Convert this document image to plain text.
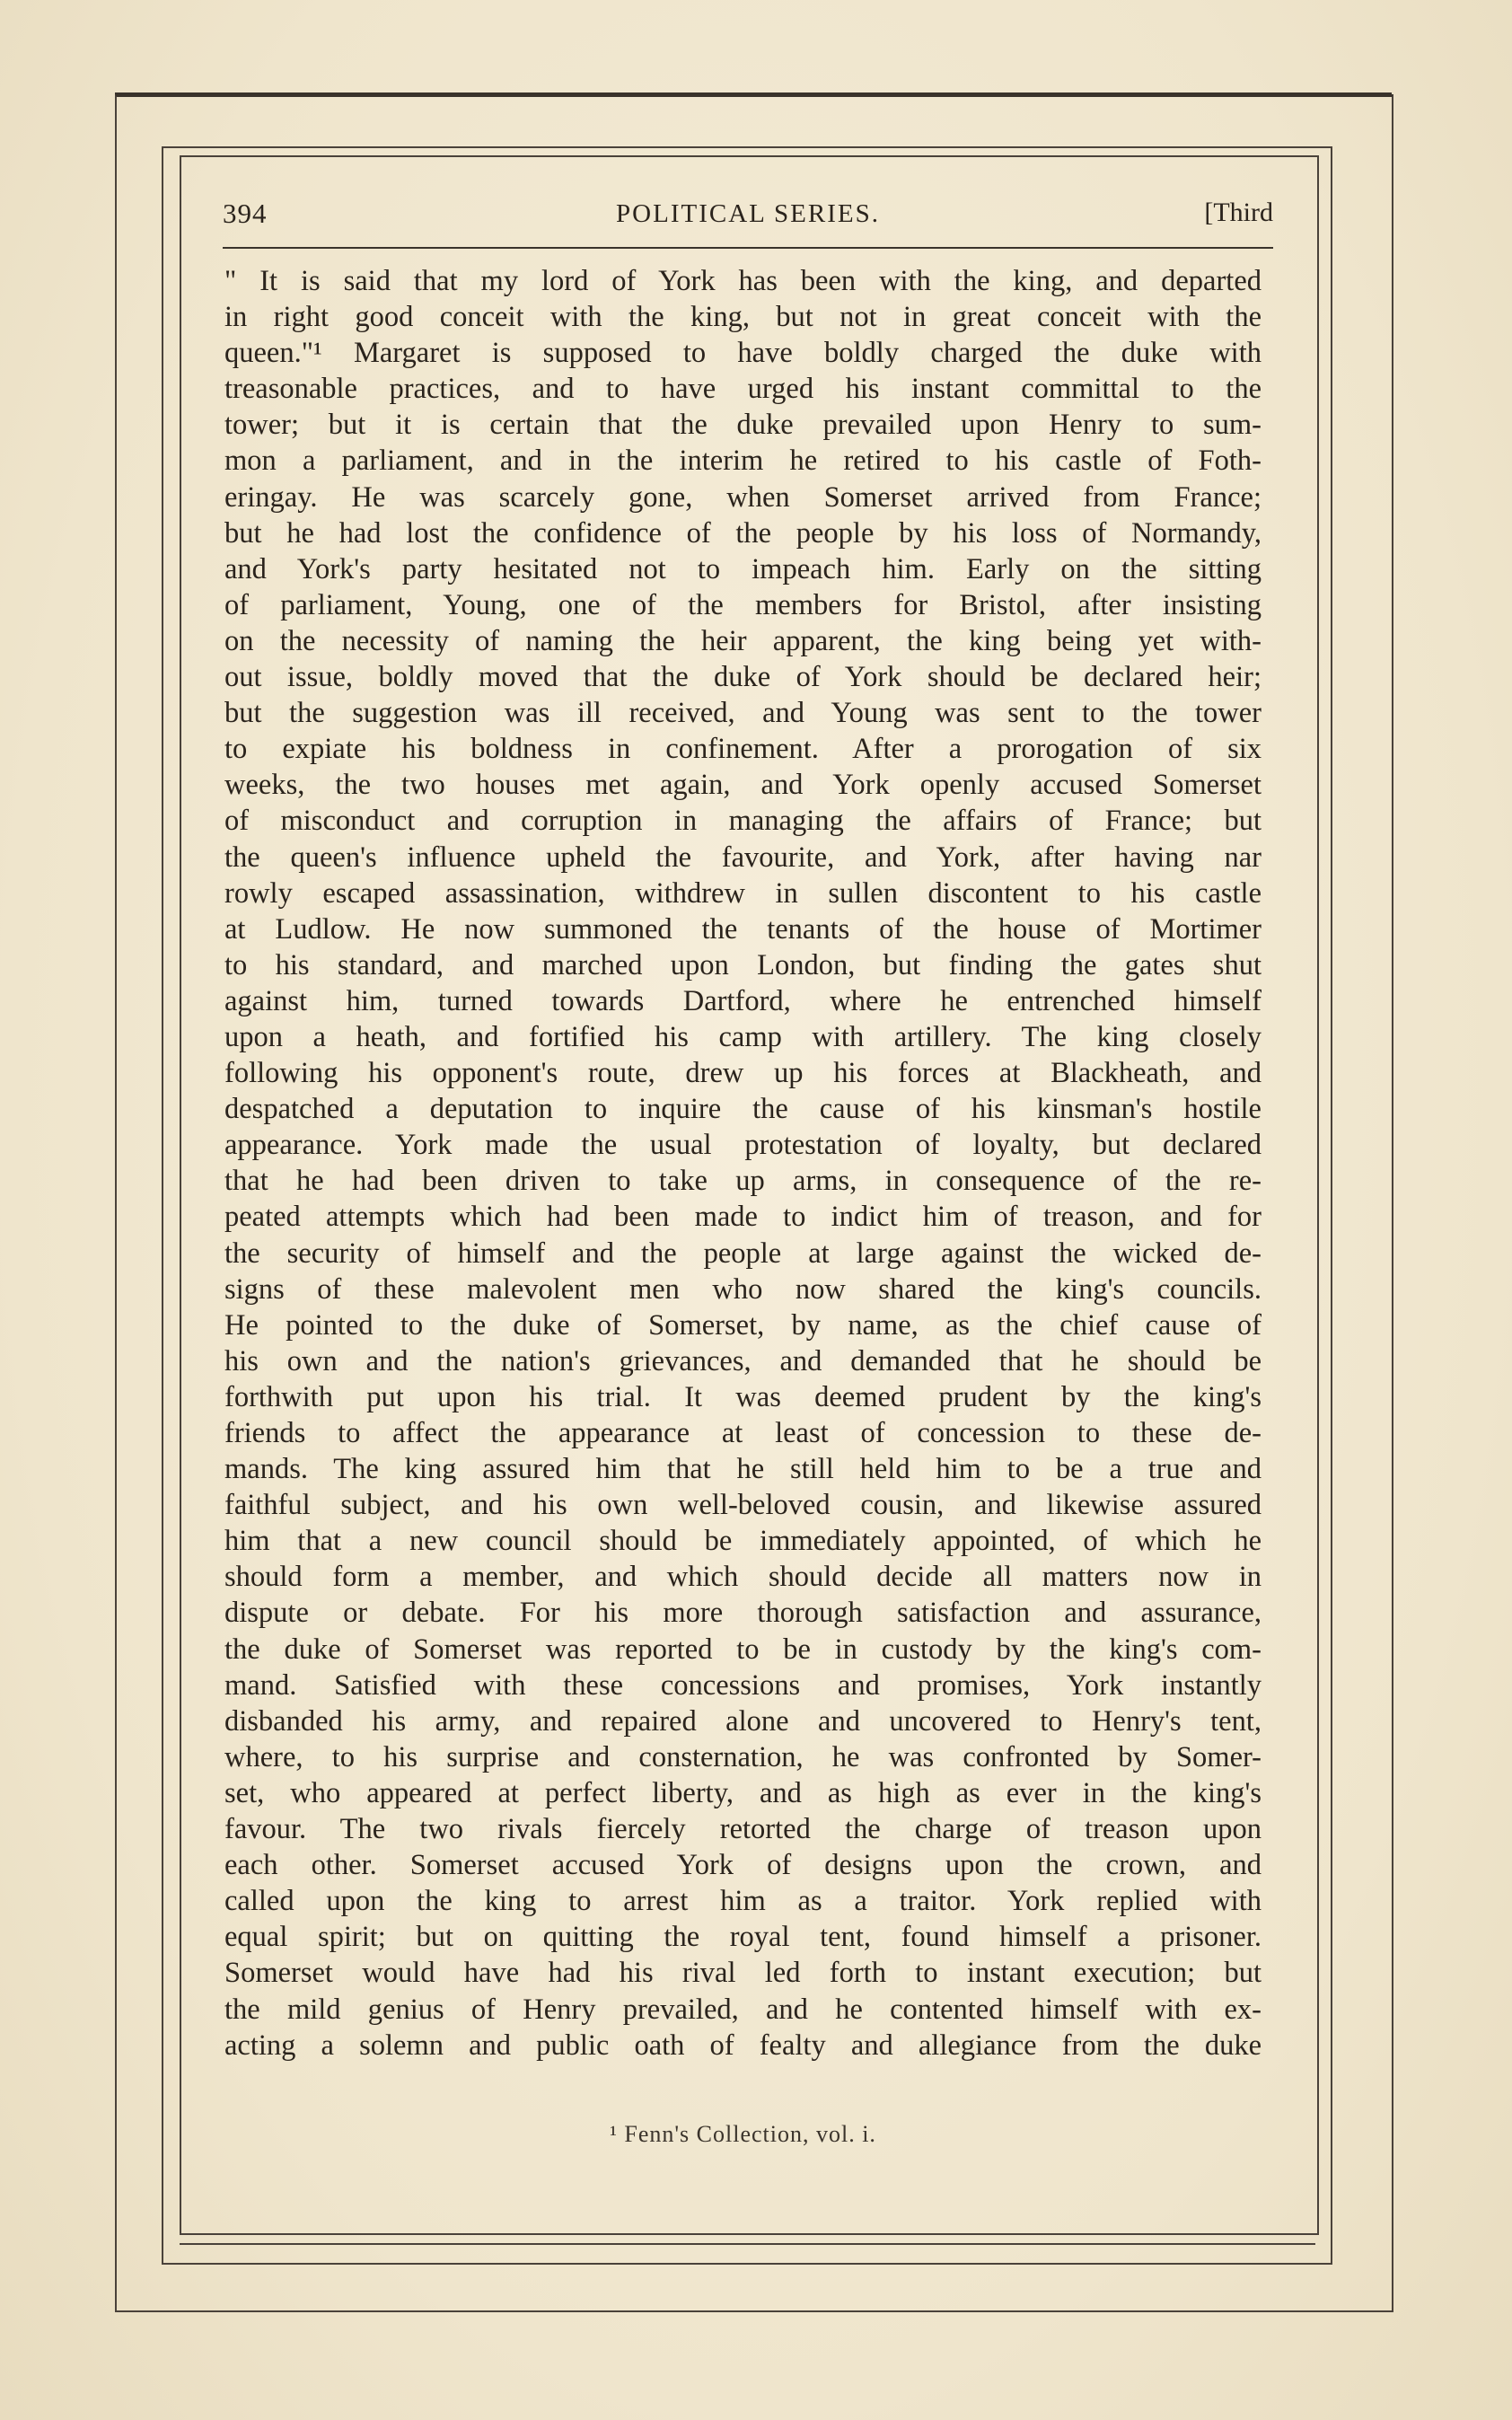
394	POLITICAL SERIES.	[Third
" It is said that my lord of York has been with the king, and departed
in right good conceit with the king, but not in great conceit with the
queen."¹ Margaret is supposed to have boldly charged the duke with
treasonable practices, and to have urged his instant committal to the
tower; but it is certain that the duke prevailed upon Henry to sum-
mon a parliament, and in the interim he retired to his castle of Foth-
eringay. He was scarcely gone, when Somerset arrived from France;
but he had lost the confidence of the people by his loss of Normandy,
and York's party hesitated not to impeach him. Early on the sitting
of parliament, Young, one of the members for Bristol, after insisting
on the necessity of naming the heir apparent, the king being yet with-
out issue, boldly moved that the duke of York should be declared heir;
but the suggestion was ill received, and Young was sent to the tower
to expiate his boldness in confinement. After a prorogation of six
weeks, the two houses met again, and York openly accused Somerset
of misconduct and corruption in managing the affairs of France; but
the queen's influence upheld the favourite, and York, after having nar
rowly escaped assassination, withdrew in sullen discontent to his castle
at Ludlow. He now summoned the tenants of the house of Mortimer
to his standard, and marched upon London, but finding the gates shut
against him, turned towards Dartford, where he entrenched himself
upon a heath, and fortified his camp with artillery. The king closely
following his opponent's route, drew up his forces at Blackheath, and
despatched a deputation to inquire the cause of his kinsman's hostile
appearance. York made the usual protestation of loyalty, but declared
that he had been driven to take up arms, in consequence of the re-
peated attempts which had been made to indict him of treason, and for
the security of himself and the people at large against the wicked de-
signs of these malevolent men who now shared the king's councils.
He pointed to the duke of Somerset, by name, as the chief cause of
his own and the nation's grievances, and demanded that he should be
forthwith put upon his trial. It was deemed prudent by the king's
friends to affect the appearance at least of concession to these de-
mands. The king assured him that he still held him to be a true and
faithful subject, and his own well-beloved cousin, and likewise assured
him that a new council should be immediately appointed, of which he
should form a member, and which should decide all matters now in
dispute or debate. For his more thorough satisfaction and assurance,
the duke of Somerset was reported to be in custody by the king's com-
mand. Satisfied with these concessions and promises, York instantly
disbanded his army, and repaired alone and uncovered to Henry's tent,
where, to his surprise and consternation, he was confronted by Somer-
set, who appeared at perfect liberty, and as high as ever in the king's
favour. The two rivals fiercely retorted the charge of treason upon
each other. Somerset accused York of designs upon the crown, and
called upon the king to arrest him as a traitor. York replied with
equal spirit; but on quitting the royal tent, found himself a prisoner.
Somerset would have had his rival led forth to instant execution; but
the mild genius of Henry prevailed, and he contented himself with ex-
acting a solemn and public oath of fealty and allegiance from the duke
¹ Fenn's Collection, vol. i.
